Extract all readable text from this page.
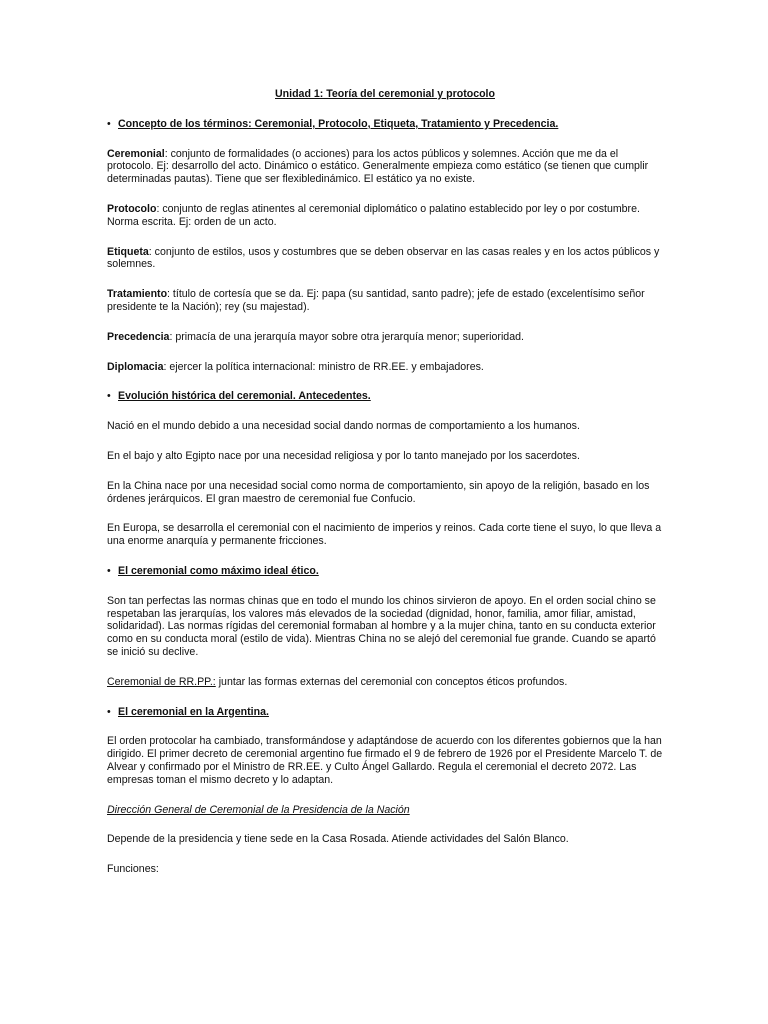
Unidad 1: Teoría del ceremonial y protocolo
• Concepto de los términos: Ceremonial, Protocolo, Etiqueta, Tratamiento y Precedencia.

Ceremonial: conjunto de formalidades (o acciones) para los actos públicos y solemnes. Acción que me da el protocolo. Ej: desarrollo del acto. Dinámico o estático. Generalmente empieza como estático (se tienen que cumplir determinadas pautas). Tiene que ser flexibledinámico. El estático ya no existe.

Protocolo: conjunto de reglas atinentes al ceremonial diplomático o palatino establecido por ley o por costumbre. Norma escrita. Ej: orden de un acto.

Etiqueta: conjunto de estilos, usos y costumbres que se deben observar en las casas reales y en los actos públicos y solemnes.

Tratamiento: título de cortesía que se da. Ej: papa (su santidad, santo padre); jefe de estado (excelentísimo señor presidente te la Nación); rey (su majestad).

Precedencia: primacía de una jerarquía mayor sobre otra jerarquía menor; superioridad.

Diplomacia: ejercer la política internacional: ministro de RR.EE. y embajadores.

• Evolución histórica del ceremonial. Antecedentes.

Nació en el mundo debido a una necesidad social dando normas de comportamiento a los humanos.

En el bajo y alto Egipto nace por una necesidad religiosa y por lo tanto manejado por los sacerdotes.

En la China nace por una necesidad social como norma de comportamiento, sin apoyo de la religión, basado en los órdenes jerárquicos. El gran maestro de ceremonial fue Confucio.

En Europa, se desarrolla el ceremonial con el nacimiento de imperios y reinos. Cada corte tiene el suyo, lo que lleva a una enorme anarquía y permanente fricciones.

• El ceremonial como máximo ideal ético.

Son tan perfectas las normas chinas que en todo el mundo los chinos sirvieron de apoyo. En el orden social chino se respetaban las jerarquías, los valores más elevados de la sociedad (dignidad, honor, familia, amor filiar, amistad, solidaridad). Las normas rígidas del ceremonial formaban al hombre y a la mujer china, tanto en su conducta exterior como en su conducta moral (estilo de vida). Mientras China no se alejó del ceremonial fue grande. Cuando se apartó se inició su declive.

Ceremonial de RR.PP.: juntar las formas externas del ceremonial con conceptos éticos profundos.

• El ceremonial en la Argentina.

El orden protocolar ha cambiado, transformándose y adaptándose de acuerdo con los diferentes gobiernos que la han dirigido. El primer decreto de ceremonial argentino fue firmado el 9 de febrero de 1926 por el Presidente Marcelo T. de Alvear y confirmado por el Ministro de RR.EE. y Culto Ángel Gallardo. Regula el ceremonial el decreto 2072. Las empresas toman el mismo decreto y lo adaptan.

Dirección General de Ceremonial de la Presidencia de la Nación

Depende de la presidencia y tiene sede en la Casa Rosada. Atiende actividades del Salón Blanco.

Funciones:
